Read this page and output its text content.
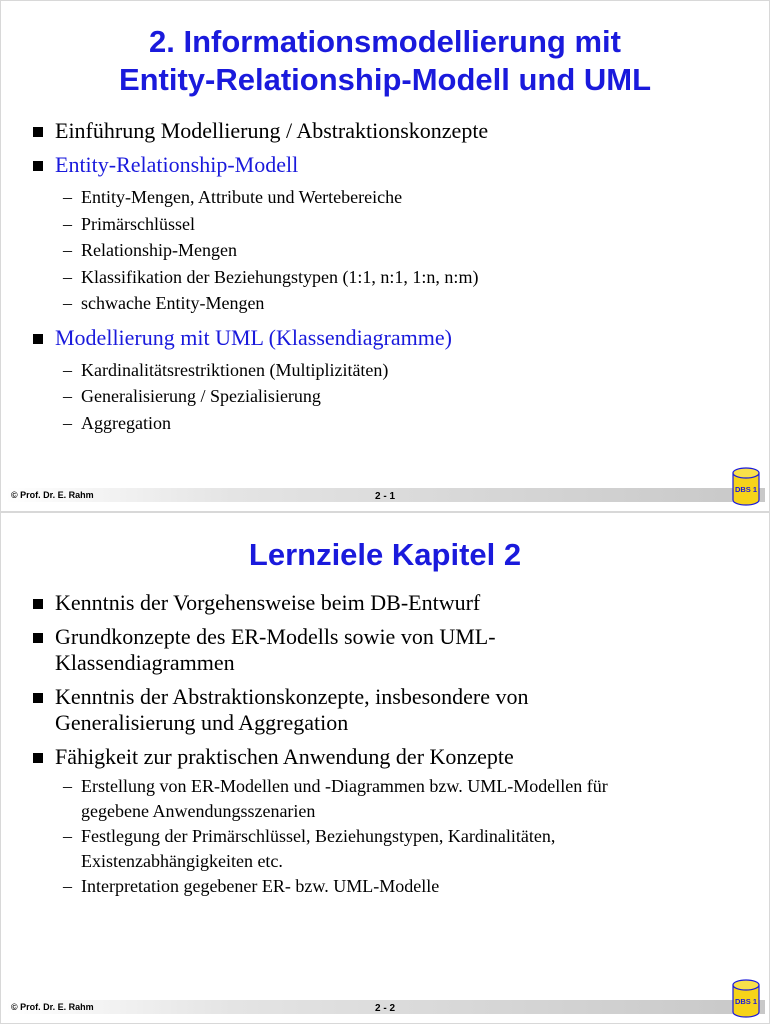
2. Informationsmodellierung mit
Entity-Relationship-Modell und UML
Einführung Modellierung / Abstraktionskonzepte
Entity-Relationship-Modell
– Entity-Mengen, Attribute und Wertebereiche
– Primärschlüssel
– Relationship-Mengen
– Klassifikation der Beziehungstypen (1:1, n:1, 1:n, n:m)
– schwache Entity-Mengen
Modellierung mit UML (Klassendiagramme)
– Kardinalitätsrestriktionen (Multiplizitäten)
– Generalisierung / Spezialisierung
– Aggregation
© Prof. Dr. E. Rahm	2 - 1
DBS 1
Lernziele Kapitel 2
Kenntnis der Vorgehensweise beim DB-Entwurf
Grundkonzepte des ER-Modells sowie von UML-
Klassendiagrammen
Kenntnis der Abstraktionskonzepte, insbesondere von
Generalisierung und Aggregation
Fähigkeit zur praktischen Anwendung der Konzepte
– Erstellung von ER-Modellen und -Diagrammen bzw. UML-Modellen für
gegebene Anwendungsszenarien
– Festlegung der Primärschlüssel, Beziehungstypen, Kardinalitäten,
Existenzabhängigkeiten etc.
– Interpretation gegebener ER- bzw. UML-Modelle
© Prof. Dr. E. Rahm	2 - 2
DBS 1
